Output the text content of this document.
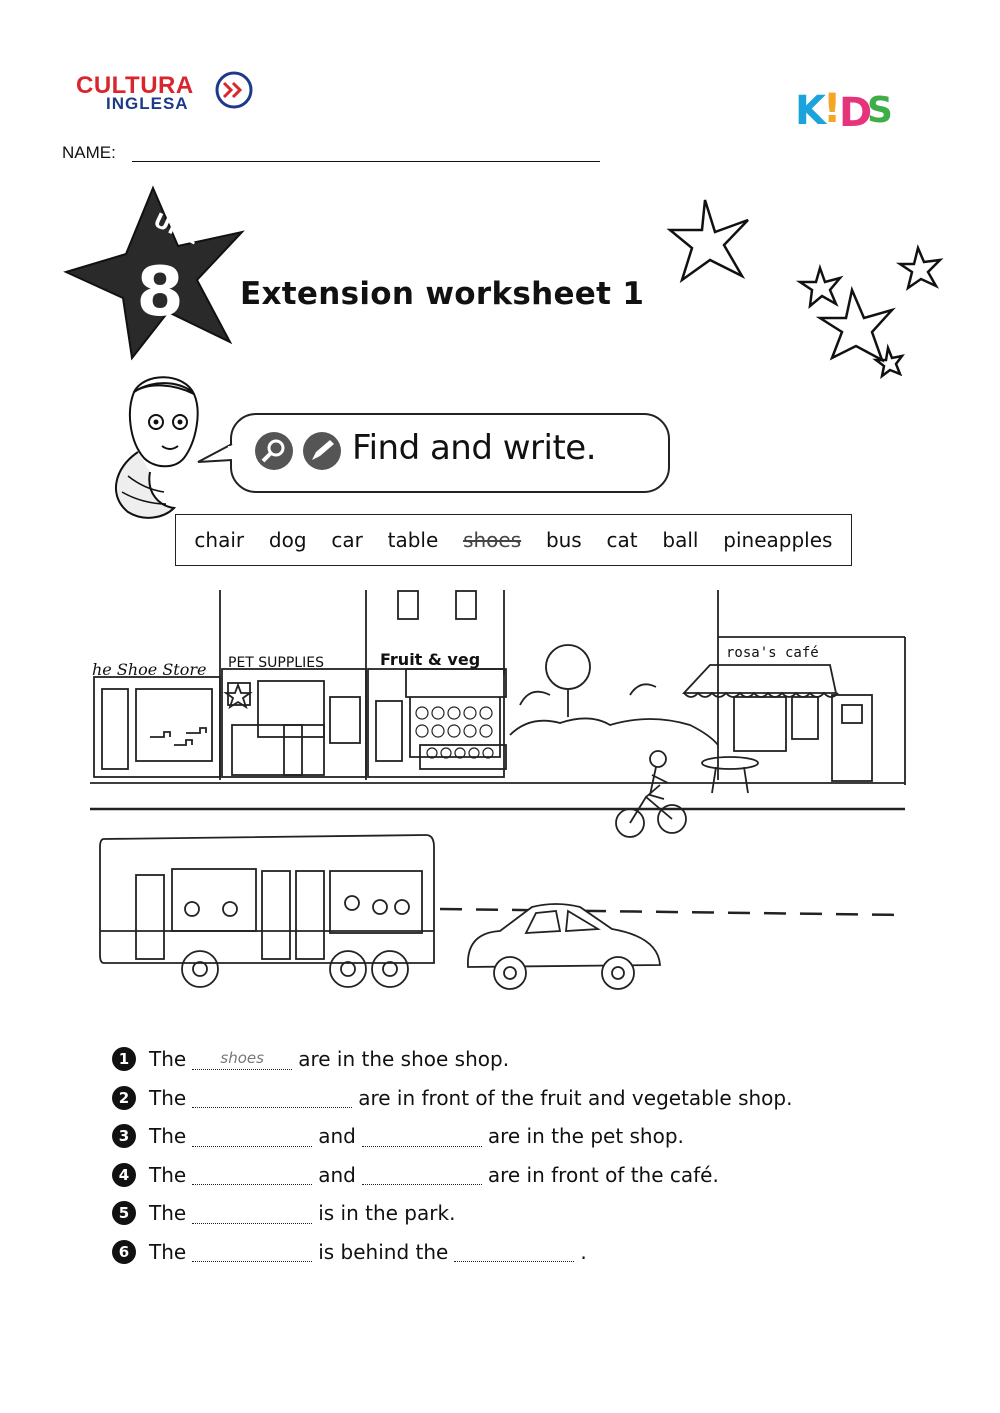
CULTURA
INGLESA	K
!
D
S
NAME:
Unit
8 Extension worksheet 1
Find and write.
chair dog car table shoes bus cat ball pineapples
he Shoe Store PET SUPPLIES	Fruit & veg	rosa's café
1 The	shoes	are in the shoe shop.
2 The	are in front of the fruit and vegetable shop.
3 The	and	are in the pet shop.
4 The	and	are in front of the café.
5 The	is in the park.
6 The	is behind the	.
